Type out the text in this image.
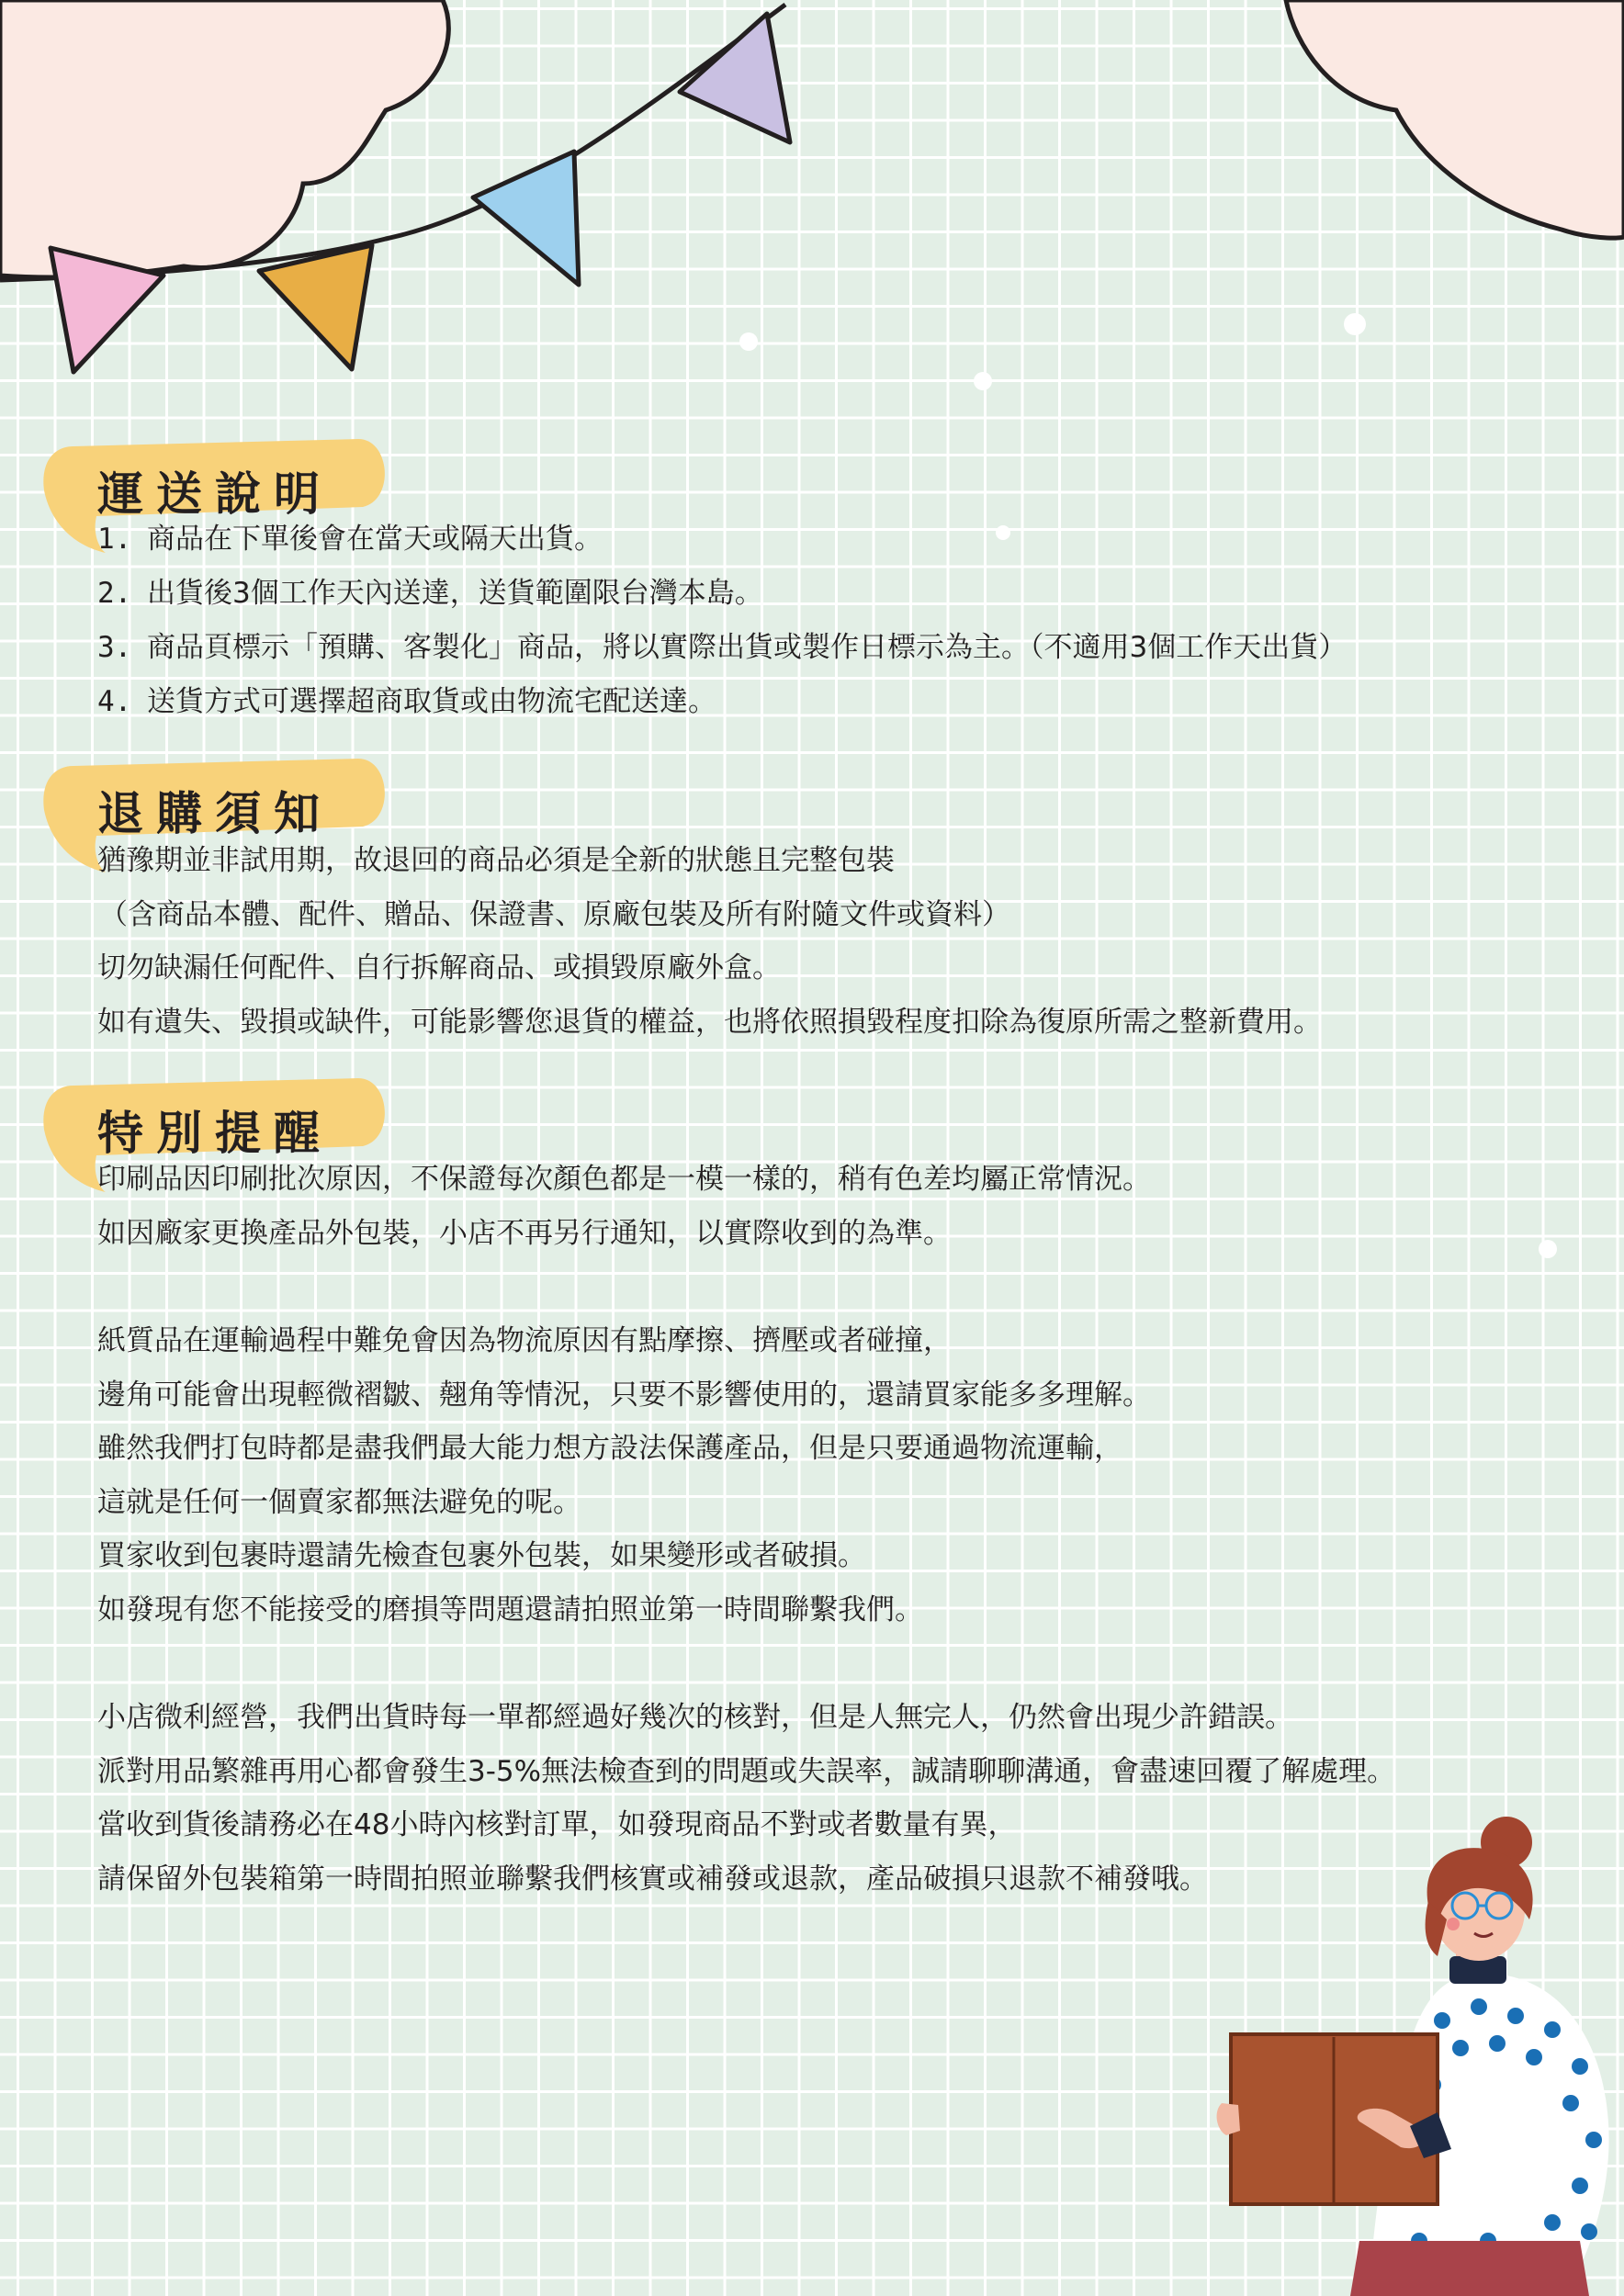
運送說明
1. 商品在下單後會在當天或隔天出貨。
2. 出貨後3個工作天內送達，送貨範圍限台灣本島。
3. 商品頁標示「預購、客製化」商品，將以實際出貨或製作日標示為主。（不適用3個工作天出貨）
4. 送貨方式可選擇超商取貨或由物流宅配送達。
退購須知
猶豫期並非試用期，故退回的商品必須是全新的狀態且完整包裝
（含商品本體、配件、贈品、保證書、原廠包裝及所有附隨文件或資料）
切勿缺漏任何配件、自行拆解商品、或損毀原廠外盒。
如有遺失、毀損或缺件，可能影響您退貨的權益，也將依照損毀程度扣除為復原所需之整新費用。
特別提醒
印刷品因印刷批次原因，不保證每次顏色都是一模一樣的，稍有色差均屬正常情況。
如因廠家更換產品外包裝，小店不再另行通知，以實際收到的為準。
紙質品在運輸過程中難免會因為物流原因有點摩擦、擠壓或者碰撞，
邊角可能會出現輕微褶皺、翹角等情況，只要不影響使用的，還請買家能多多理解。
雖然我們打包時都是盡我們最大能力想方設法保護產品，但是只要通過物流運輸，
這就是任何一個賣家都無法避免的呢。
買家收到包裹時還請先檢查包裹外包裝，如果變形或者破損。
如發現有您不能接受的磨損等問題還請拍照並第一時間聯繫我們。
小店微利經營，我們出貨時每一單都經過好幾次的核對，但是人無完人，仍然會出現少許錯誤。
派對用品繁雜再用心都會發生3-5%無法檢查到的問題或失誤率，誠請聊聊溝通，會盡速回覆了解處理。
當收到貨後請務必在48小時內核對訂單，如發現商品不對或者數量有異，
請保留外包裝箱第一時間拍照並聯繫我們核實或補發或退款，產品破損只退款不補發哦。
